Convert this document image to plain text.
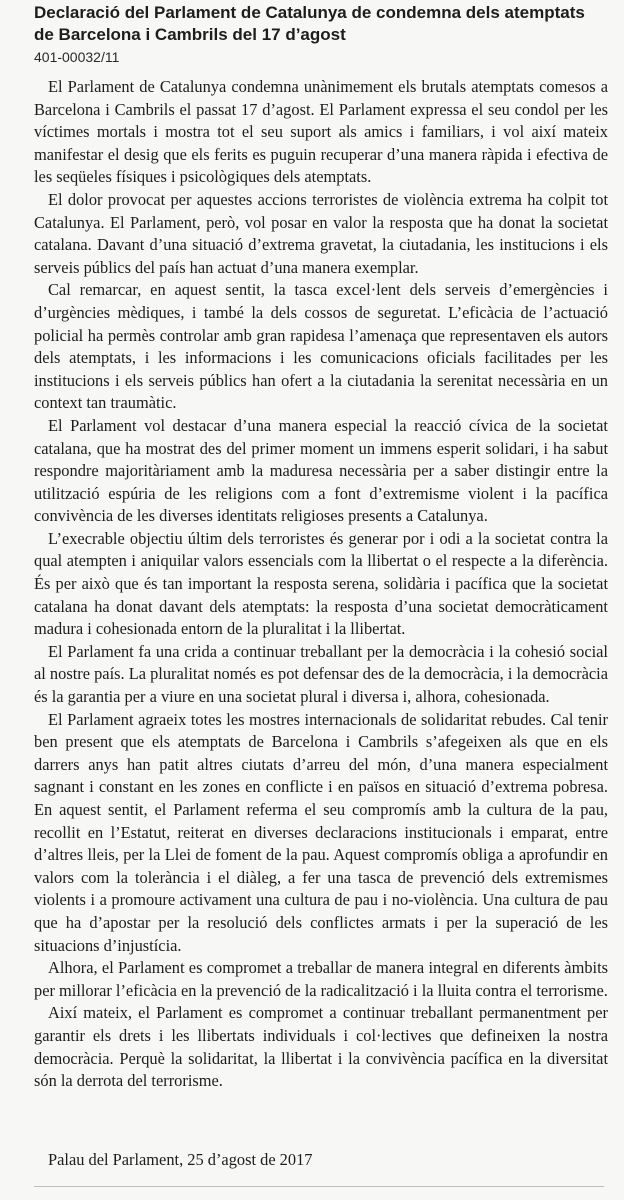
Declaració del Parlament de Catalunya de condemna dels atemptats de Barcelona i Cambrils del 17 d’agost
401-00032/11

El Parlament de Catalunya condemna unànimement els brutals atemptats comesos a Barcelona i Cambrils el passat 17 d’agost. El Parlament expressa el seu condol per les víctimes mortals i mostra tot el seu suport als amics i familiars, i vol així mateix manifestar el desig que els ferits es puguin recuperar d’una manera ràpida i efectiva de les seqüeles físiques i psicològiques dels atemptats.

El dolor provocat per aquestes accions terroristes de violència extrema ha colpit tot Catalunya. El Parlament, però, vol posar en valor la resposta que ha donat la societat catalana. Davant d’una situació d’extrema gravetat, la ciutadania, les institucions i els serveis públics del país han actuat d’una manera exemplar.

Cal remarcar, en aquest sentit, la tasca excel·lent dels serveis d’emergències i d’urgències mèdiques, i també la dels cossos de seguretat. L’eficàcia de l’actuació policial ha permès controlar amb gran rapidesa l’amenaça que representaven els autors dels atemptats, i les informacions i les comunicacions oficials facilitades per les institucions i els serveis públics han ofert a la ciutadania la serenitat necessària en un context tan traumàtic.

El Parlament vol destacar d’una manera especial la reacció cívica de la societat catalana, que ha mostrat des del primer moment un immens esperit solidari, i ha sabut respondre majoritàriament amb la maduresa necessària per a saber distingir entre la utilització espúria de les religions com a font d’extremisme violent i la pacífica convivència de les diverses identitats religioses presents a Catalunya.

L’execrable objectiu últim dels terroristes és generar por i odi a la societat contra la qual atempten i aniquilar valors essencials com la llibertat o el respecte a la diferència. És per això que és tan important la resposta serena, solidària i pacífica que la societat catalana ha donat davant dels atemptats: la resposta d’una societat democràticament madura i cohesionada entorn de la pluralitat i la llibertat.

El Parlament fa una crida a continuar treballant per la democràcia i la cohesió social al nostre país. La pluralitat només es pot defensar des de la democràcia, i la democràcia és la garantia per a viure en una societat plural i diversa i, alhora, cohesionada.

El Parlament agraeix totes les mostres internacionals de solidaritat rebudes. Cal tenir ben present que els atemptats de Barcelona i Cambrils s’afegeixen als que en els darrers anys han patit altres ciutats d’arreu del món, d’una manera especialment sagnant i constant en les zones en conflicte i en països en situació d’extrema pobresa. En aquest sentit, el Parlament referma el seu compromís amb la cultura de la pau, recollit en l’Estatut, reiterat en diverses declaracions institucionals i emparat, entre d’altres lleis, per la Llei de foment de la pau. Aquest compromís obliga a aprofundir en valors com la tolerància i el diàleg, a fer una tasca de prevenció dels extremismes violents i a promoure activament una cultura de pau i no-violència. Una cultura de pau que ha d’apostar per la resolució dels conflictes armats i per la superació de les situacions d’injustícia.

Alhora, el Parlament es compromet a treballar de manera integral en diferents àmbits per millorar l’eficàcia en la prevenció de la radicalització i la lluita contra el terrorisme.

Així mateix, el Parlament es compromet a continuar treballant permanentment per garantir els drets i les llibertats individuals i col·lectives que defineixen la nostra democràcia. Perquè la solidaritat, la llibertat i la convivència pacífica en la diversitat són la derrota del terrorisme.

Palau del Parlament, 25 d’agost de 2017
